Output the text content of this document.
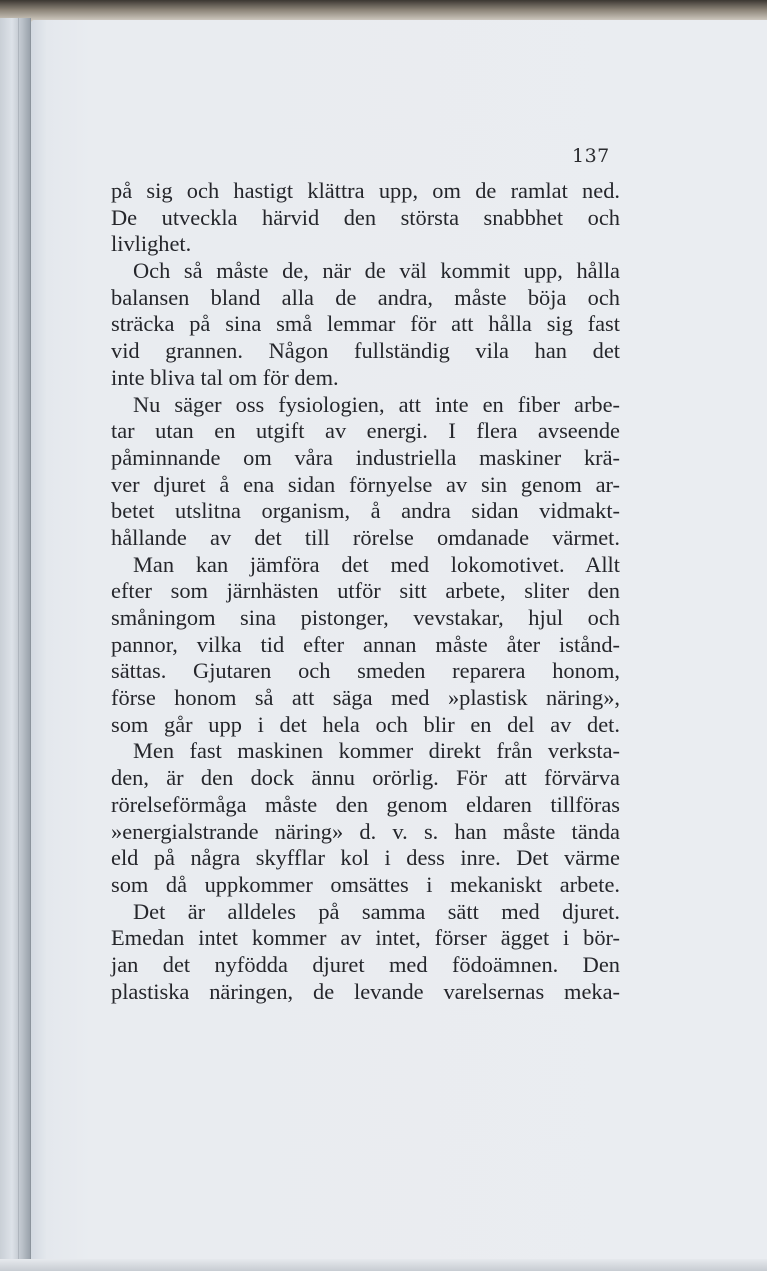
137
på sig och hastigt klättra upp, om de ramlat ned.
De utveckla härvid den största snabbhet och
livlighet.
Och så måste de, när de väl kommit upp, hålla
balansen bland alla de andra, måste böja och
sträcka på sina små lemmar för att hålla sig fast
vid grannen. Någon fullständig vila han det
inte bliva tal om för dem.
Nu säger oss fysiologien, att inte en fiber arbe-
tar utan en utgift av energi. I flera avseende
påminnande om våra industriella maskiner krä-
ver djuret å ena sidan förnyelse av sin genom ar-
betet utslitna organism, å andra sidan vidmakt-
hållande av det till rörelse omdanade värmet.
Man kan jämföra det med lokomotivet. Allt
efter som järnhästen utför sitt arbete, sliter den
småningom sina pistonger, vevstakar, hjul och
pannor, vilka tid efter annan måste åter istånd-
sättas. Gjutaren och smeden reparera honom,
förse honom så att säga med »plastisk näring»,
som går upp i det hela och blir en del av det.
Men fast maskinen kommer direkt från verksta-
den, är den dock ännu orörlig. För att förvärva
rörelseförmåga måste den genom eldaren tillföras
»energialstrande näring» d. v. s. han måste tända
eld på några skyfflar kol i dess inre. Det värme
som då uppkommer omsättes i mekaniskt arbete.
Det är alldeles på samma sätt med djuret.
Emedan intet kommer av intet, förser ägget i bör-
jan det nyfödda djuret med födoämnen. Den
plastiska näringen, de levande varelsernas meka-
